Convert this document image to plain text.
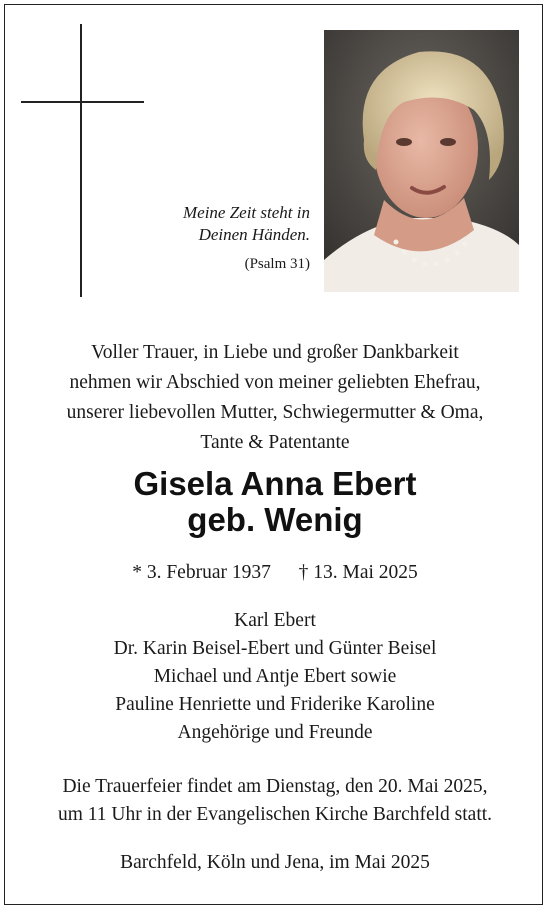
Meine Zeit steht in
Deinen Händen.
(Psalm 31)
Voller Trauer, in Liebe und großer Dankbarkeit
nehmen wir Abschied von meiner geliebten Ehefrau,
unserer liebevollen Mutter, Schwiegermutter & Oma,
Tante & Patentante
Gisela Anna Ebert
geb. Wenig
* 3. Februar 1937 † 13. Mai 2025
Karl Ebert
Dr. Karin Beisel-Ebert und Günter Beisel
Michael und Antje Ebert sowie
Pauline Henriette und Friderike Karoline
Angehörige und Freunde
Die Trauerfeier findet am Dienstag, den 20. Mai 2025,
um 11 Uhr in der Evangelischen Kirche Barchfeld statt.
Barchfeld, Köln und Jena, im Mai 2025
